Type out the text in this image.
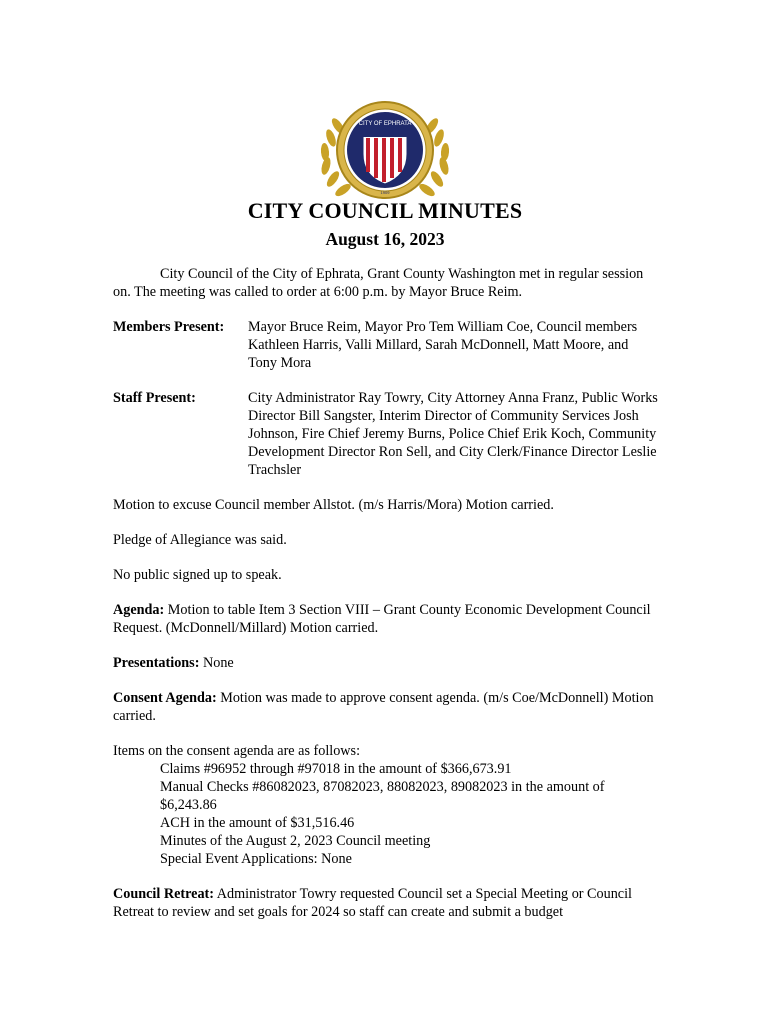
CITY OF EPHRATA
1909
CITY COUNCIL MINUTES
August 16, 2023

City Council of the City of Ephrata, Grant County Washington met in regular session on. The meeting was called to order at 6:00 p.m. by Mayor Bruce Reim.

Members Present:	Mayor Bruce Reim, Mayor Pro Tem William Coe, Council members Kathleen Harris, Valli Millard, Sarah McDonnell, Matt Moore, and Tony Mora
Staff Present:	City Administrator Ray Towry, City Attorney Anna Franz, Public Works Director Bill Sangster, Interim Director of Community Services Josh Johnson, Fire Chief Jeremy Burns, Police Chief Erik Koch, Community Development Director Ron Sell, and City Clerk/Finance Director Leslie Trachsler

Motion to excuse Council member Allstot. (m/s Harris/Mora) Motion carried.

Pledge of Allegiance was said.

No public signed up to speak.

Agenda: Motion to table Item 3 Section VIII – Grant County Economic Development Council Request. (McDonnell/Millard) Motion carried.

Presentations: None

Consent Agenda: Motion was made to approve consent agenda. (m/s Coe/McDonnell) Motion carried.

Items on the consent agenda are as follows:
Claims #96952 through #97018 in the amount of $366,673.91
Manual Checks #86082023, 87082023, 88082023, 89082023 in the amount of $6,243.86
ACH in the amount of $31,516.46
Minutes of the August 2, 2023 Council meeting
Special Event Applications: None

Council Retreat: Administrator Towry requested Council set a Special Meeting or Council Retreat to review and set goals for 2024 so staff can create and submit a budget
